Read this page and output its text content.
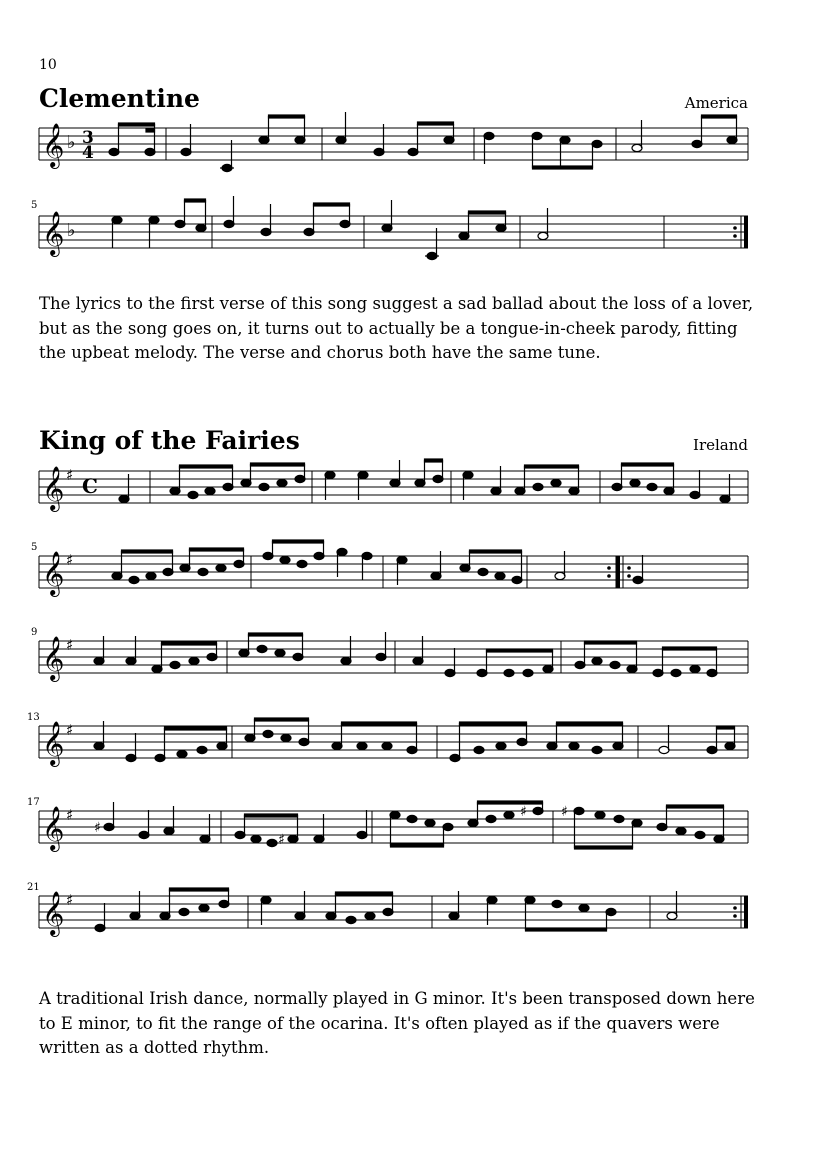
10
Clementine	America
𝄞 ♭ 3
4
5
𝄞 ♭

The lyrics to the first verse of this song suggest a sad ballad about the loss of a lover, but as the song goes on, it turns out to actually be a tongue-in-cheek parody, fitting the upbeat melody. The verse and chorus both have the same tune.

King of the Fairies	Ireland
𝄞 ♯ C
𝄞 ♯
𝄞 ♯
𝄞 ♯
𝄞 ♯
𝄞 ♯
5
9
13
17
21
♯
♯
♯ ♯

A traditional Irish dance, normally played in G minor. It's been transposed down here to E minor, to fit the range of the ocarina. It's often played as if the quavers were written as a dotted rhythm.
